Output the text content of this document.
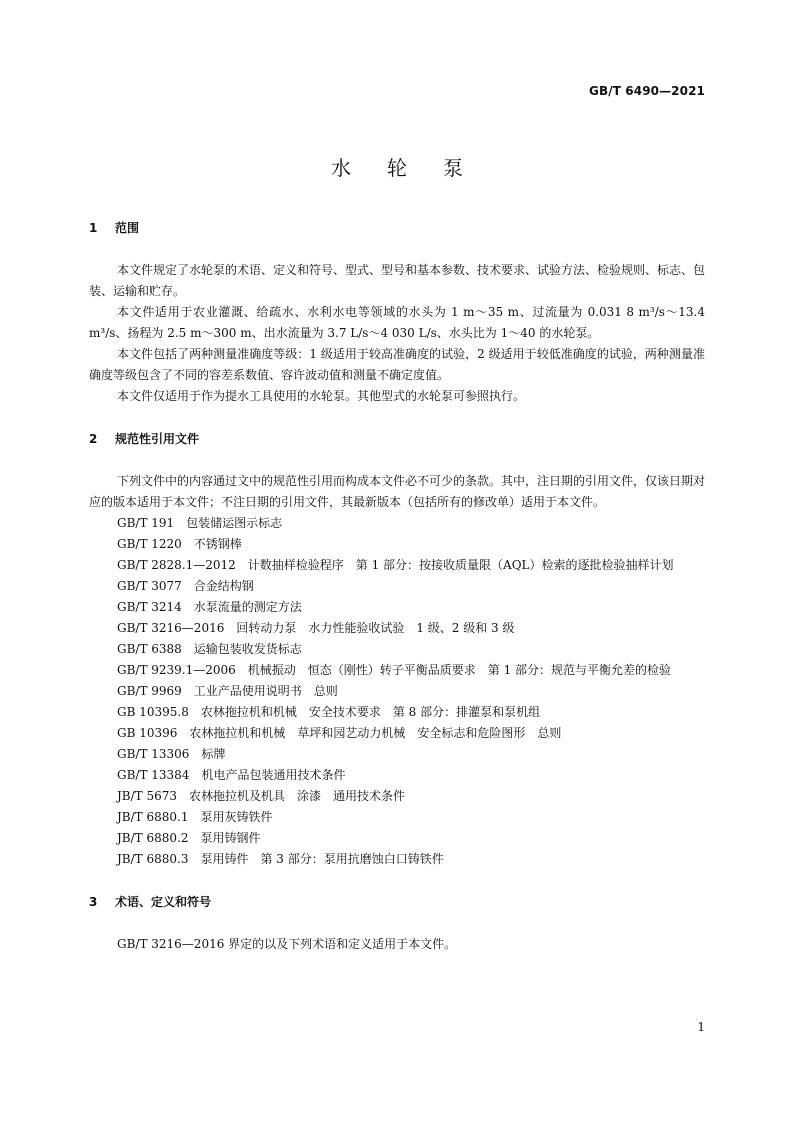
GB/T 6490—2021
水轮泵
1 范围

本文件规定了水轮泵的术语、定义和符号、型式、型号和基本参数、技术要求、试验方法、检验规则、标志、包装、运输和贮存。

本文件适用于农业灌溉、给疏水、水利水电等领域的水头为 1 m～35 m、过流量为 0.031 8 m³/s～13.4 m³/s、扬程为 2.5 m～300 m、出水流量为 3.7 L/s～4 030 L/s、水头比为 1～40 的水轮泵。

本文件包括了两种测量准确度等级：1 级适用于较高准确度的试验，2 级适用于较低准确度的试验，两种测量准确度等级包含了不同的容差系数值、容许波动值和测量不确定度值。

本文件仅适用于作为提水工具使用的水轮泵。其他型式的水轮泵可参照执行。

2 规范性引用文件

下列文件中的内容通过文中的规范性引用而构成本文件必不可少的条款。其中，注日期的引用文件，仅该日期对应的版本适用于本文件；不注日期的引用文件，其最新版本（包括所有的修改单）适用于本文件。

GB/T 191　包装储运图示标志

GB/T 1220　不锈钢棒

GB/T 2828.1—2012　计数抽样检验程序　第 1 部分：按接收质量限（AQL）检索的逐批检验抽样计划

GB/T 3077　合金结构钢

GB/T 3214　水泵流量的测定方法

GB/T 3216—2016　回转动力泵　水力性能验收试验　1 级、2 级和 3 级

GB/T 6388　运输包装收发货标志

GB/T 9239.1—2006　机械振动　恒态（刚性）转子平衡品质要求　第 1 部分：规范与平衡允差的检验

GB/T 9969　工业产品使用说明书　总则

GB 10395.8　农林拖拉机和机械　安全技术要求　第 8 部分：排灌泵和泵机组

GB 10396　农林拖拉机和机械　草坪和园艺动力机械　安全标志和危险图形　总则

GB/T 13306　标牌

GB/T 13384　机电产品包装通用技术条件

JB/T 5673　农林拖拉机及机具　涂漆　通用技术条件

JB/T 6880.1　泵用灰铸铁件

JB/T 6880.2　泵用铸钢件

JB/T 6880.3　泵用铸件　第 3 部分：泵用抗磨蚀白口铸铁件

3 术语、定义和符号

GB/T 3216—2016 界定的以及下列术语和定义适用于本文件。

1
